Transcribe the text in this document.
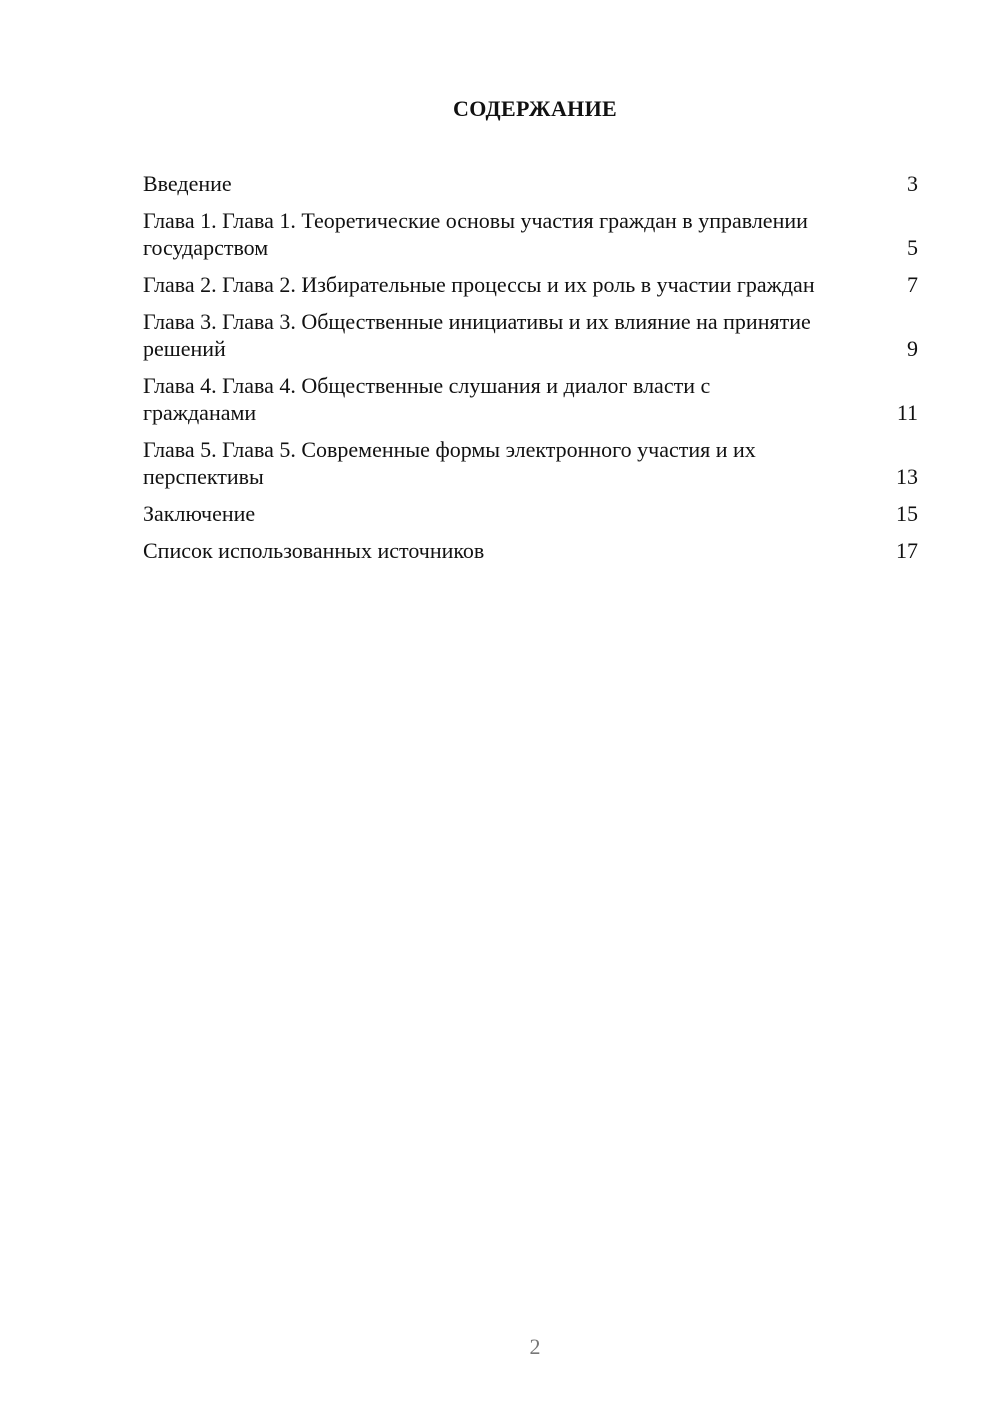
СОДЕРЖАНИЕ
Введение	3
Глава 1. Глава 1. Теоретические основы участия граждан в управлении государством	5
Глава 2. Глава 2. Избирательные процессы и их роль в участии граждан	7
Глава 3. Глава 3. Общественные инициативы и их влияние на принятие решений	9
Глава 4. Глава 4. Общественные слушания и диалог власти с гражданами	11
Глава 5. Глава 5. Современные формы электронного участия и их перспективы	13
Заключение	15
Список использованных источников	17
2
